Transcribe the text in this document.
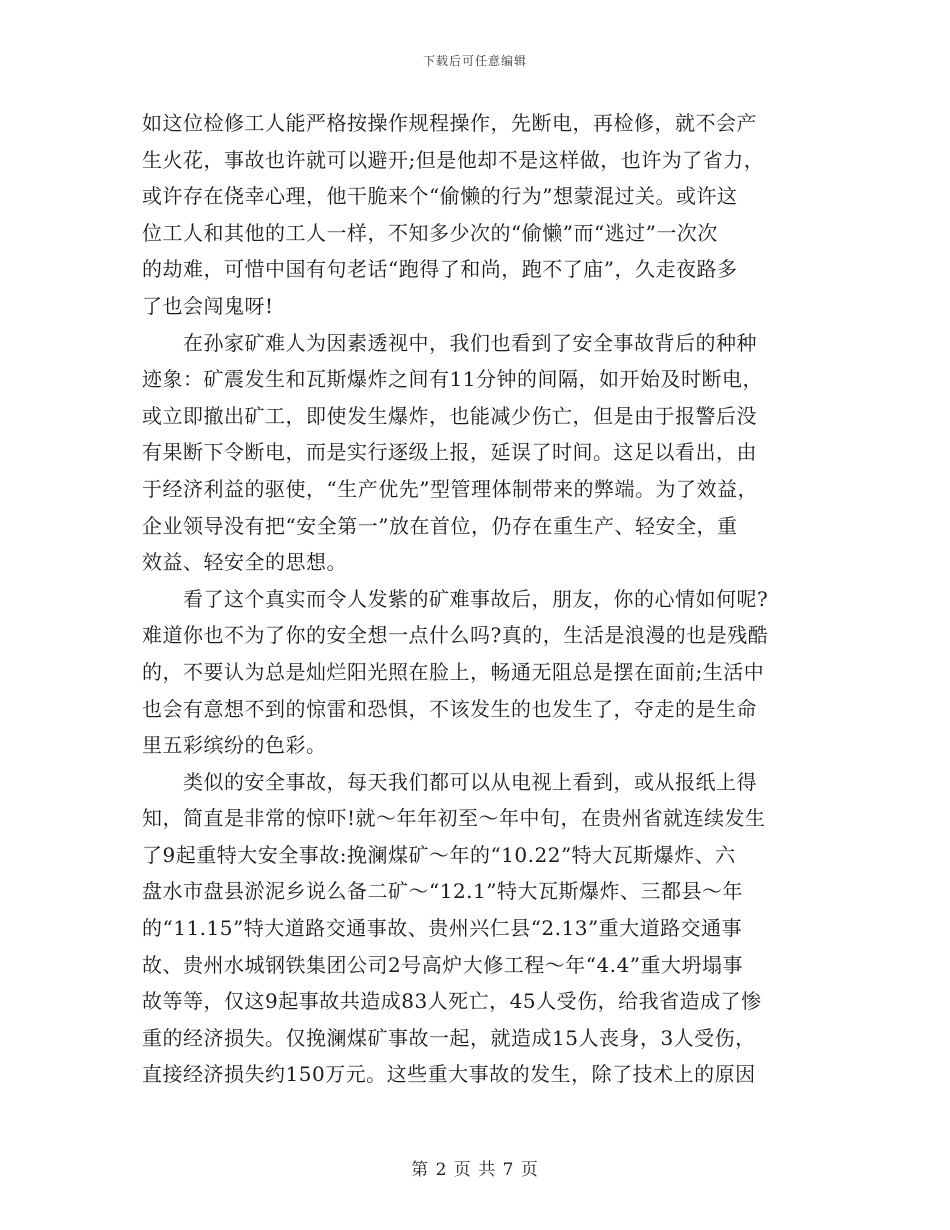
下载后可任意编辑
如这位检修工人能严格按操作规程操作，先断电，再检修，就不会产
生火花，事故也许就可以避开;但是他却不是这样做，也许为了省力，
或许存在侥幸心理，他干脆来个“偷懒的行为”想蒙混过关。或许这
位工人和其他的工人一样，不知多少次的“偷懒”而“逃过”一次次
的劫难，可惜中国有句老话“跑得了和尚，跑不了庙”，久走夜路多
了也会闯鬼呀!
　　在孙家矿难人为因素透视中，我们也看到了安全事故背后的种种
迹象：矿震发生和瓦斯爆炸之间有11分钟的间隔，如开始及时断电，
或立即撤出矿工，即使发生爆炸，也能减少伤亡，但是由于报警后没
有果断下令断电，而是实行逐级上报，延误了时间。这足以看出，由
于经济利益的驱使，“生产优先”型管理体制带来的弊端。为了效益，
企业领导没有把“安全第一”放在首位，仍存在重生产、轻安全，重
效益、轻安全的思想。
　　看了这个真实而令人发紫的矿难事故后，朋友，你的心情如何呢?
难道你也不为了你的安全想一点什么吗?真的，生活是浪漫的也是残酷
的，不要认为总是灿烂阳光照在脸上，畅通无阻总是摆在面前;生活中
也会有意想不到的惊雷和恐惧，不该发生的也发生了，夺走的是生命
里五彩缤纷的色彩。
　　类似的安全事故，每天我们都可以从电视上看到，或从报纸上得
知，简直是非常的惊吓!就～年年初至～年中旬，在贵州省就连续发生
了9起重特大安全事故:挽澜煤矿～年的“10.22”特大瓦斯爆炸、六
盘水市盘县淤泥乡说么备二矿～“12.1”特大瓦斯爆炸、三都县～年
的“11.15”特大道路交通事故、贵州兴仁县“2.13”重大道路交通事
故、贵州水城钢铁集团公司2号高炉大修工程～年“4.4”重大坍塌事
故等等，仅这9起事故共造成83人死亡，45人受伤，给我省造成了惨
重的经济损失。仅挽澜煤矿事故一起，就造成15人丧身，3人受伤，
直接经济损失约150万元。这些重大事故的发生，除了技术上的原因
第 2 页 共 7 页
